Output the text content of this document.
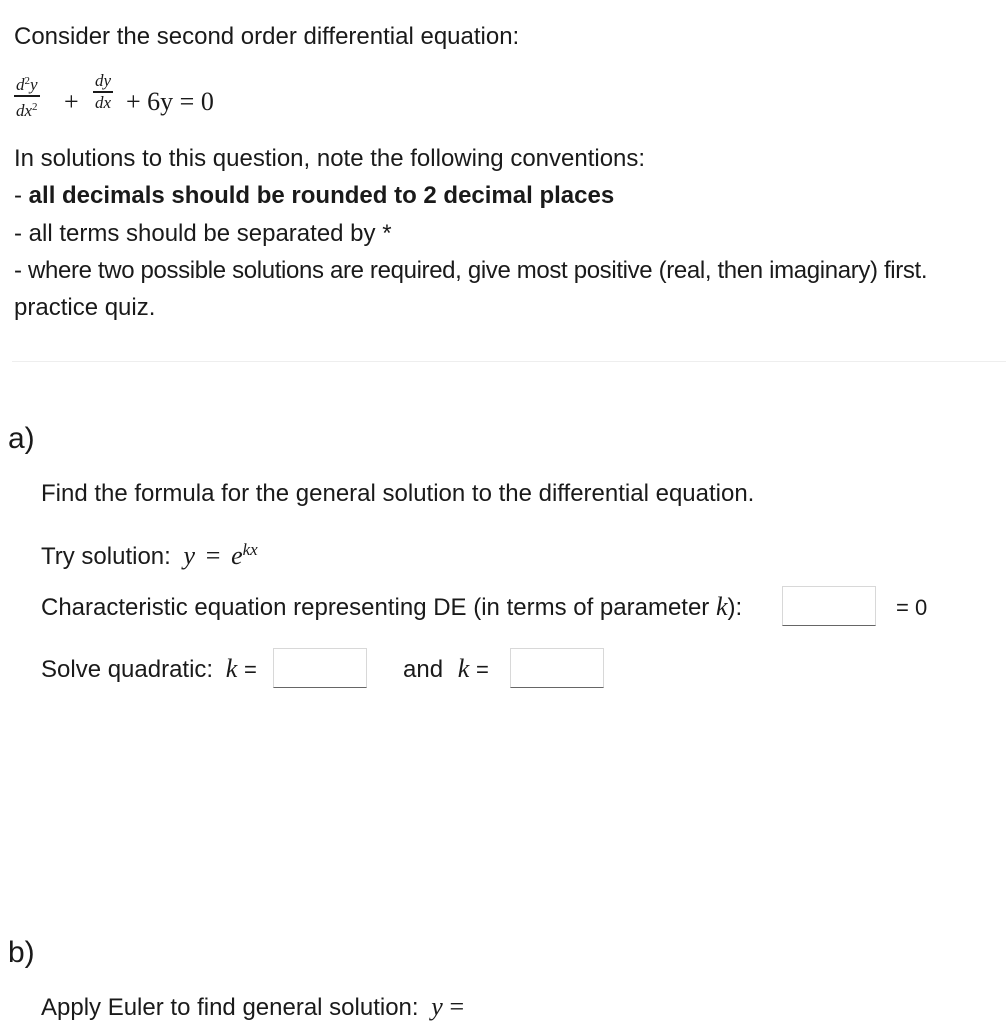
Consider the second order differential equation:
$d^2y$
$dx^2$ +
dy
dx + 6y = 0
In solutions to this question, note the following conventions:
- all decimals should be rounded to 2 decimal places
- all terms should be separated by *
- where two possible solutions are required, give most positive (real, then imaginary) first.
practice quiz.
a)
Find the formula for the general solution to the differential equation.
Try solution: $y = e^{kx}$
Characteristic equation representing DE (in terms of parameter k):	= 0
Solve quadratic: k =	and k =
b)
Apply Euler to find general solution: y =
